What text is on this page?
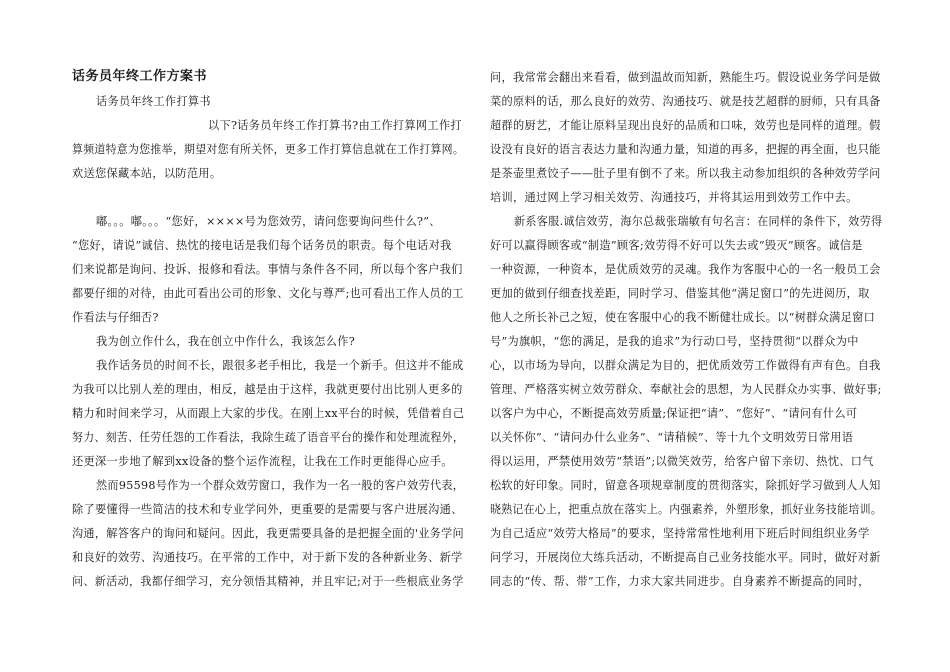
话务员年终工作方案书
话务员年终工作打算书
以下?话务员年终工作打算书?由工作打算网工作打
算频道特意为您推举，期望对您有所关怀，更多工作打算信息就在工作打算网。
欢送您保藏本站，以防范用。
嘟。。。嘟。。。“您好，××××号为您效劳，请问您要询问些什么?”、
“您好，请说”诚信、热忱的接电话是我们每个话务员的职责。每个电话对我
们来说都是询问、投诉、报修和看法。事情与条件各不同，所以每个客户我们
都要仔细的对待，由此可看出公司的形象、文化与尊严;也可看出工作人员的工
作看法与仔细否?
我为创立作什么，我在创立中作什么，我该怎么作?
我作话务员的时间不长，跟很多老手相比，我是一个新手。但这并不能成
为我可以比别人差的理由，相反，越是由于这样，我就更要付出比别人更多的
精力和时间来学习，从而跟上大家的步伐。在刚上xx平台的时候，凭借着自己
努力、刻苦、任劳任怨的工作看法，我除生疏了语音平台的操作和处理流程外，
还更深一步地了解到xx设备的整个运作流程，让我在工作时更能得心应手。
然而95598号作为一个群众效劳窗口，我作为一名一般的客户效劳代表，
除了要懂得一些简洁的技术和专业学问外，更重要的是需要与客户进展沟通、
沟通，解答客户的询问和疑问。因此，我更需要具备的是把握全面的'业务学问
和良好的效劳、沟通技巧。在平常的工作中，对于新下发的各种新业务、新学
问、新活动，我都仔细学习，充分领悟其精神，并且牢记;对于一些根底业务学
问，我常常会翻出来看看，做到温故而知新，熟能生巧。假设说业务学问是做
菜的原料的话，那么良好的效劳、沟通技巧、就是技艺超群的厨师，只有具备
超群的厨艺，才能让原料呈现出良好的品质和口味，效劳也是同样的道理。假
设没有良好的语言表达力量和沟通力量，知道的再多，把握的再全面，也只能
是茶壶里煮饺子——肚子里有倒不了来。所以我主动参加组织的各种效劳学问
培训，通过网上学习相关效劳、沟通技巧，并将其运用到效劳工作中去。
新系客服.诚信效劳，海尔总裁张瑞敏有句名言：在同样的条件下，效劳得
好可以赢得顾客或“制造”顾客;效劳得不好可以失去或“毁灭”顾客。诚信是
一种资源，一种资本，是优质效劳的灵魂。我作为客服中心的一名一般员工会
更加的做到仔细查找差距，同时学习、借鉴其他“满足窗口”的先进阅历，取
他人之所长补己之短，使在客服中心的我不断健壮成长。以“树群众满足窗口
号”为旗帜，“您的满足，是我的追求”为行动口号，坚持贯彻“以群众为中
心，以市场为导向，以群众满足为目的，把优质效劳工作做得有声有色。自我
管理、严格落实树立效劳群众、奉献社会的思想，为人民群众办实事、做好事;
以客户为中心，不断提高效劳质量;保证把“请”、“您好”、“请问有什么可
以关怀你”、“请问办什么业务”、“请稍候”、等十九个文明效劳日常用语
得以运用，严禁使用效劳“禁语”;以微笑效劳，给客户留下亲切、热忱、口气
松软的好印象。同时，留意各项规章制度的贯彻落实，除抓好学习做到人人知
晓熟记在心上，把重点放在落实上。内强素养，外塑形象，抓好业务技能培训。
为自己适应“效劳大格局”的要求，坚持常常性地利用下班后时间组织业务学
问学习，开展岗位大练兵活动，不断提高自己业务技能水平。同时，做好对新
同志的“传、帮、带”工作，力求大家共同进步。自身素养不断提高的同时，
